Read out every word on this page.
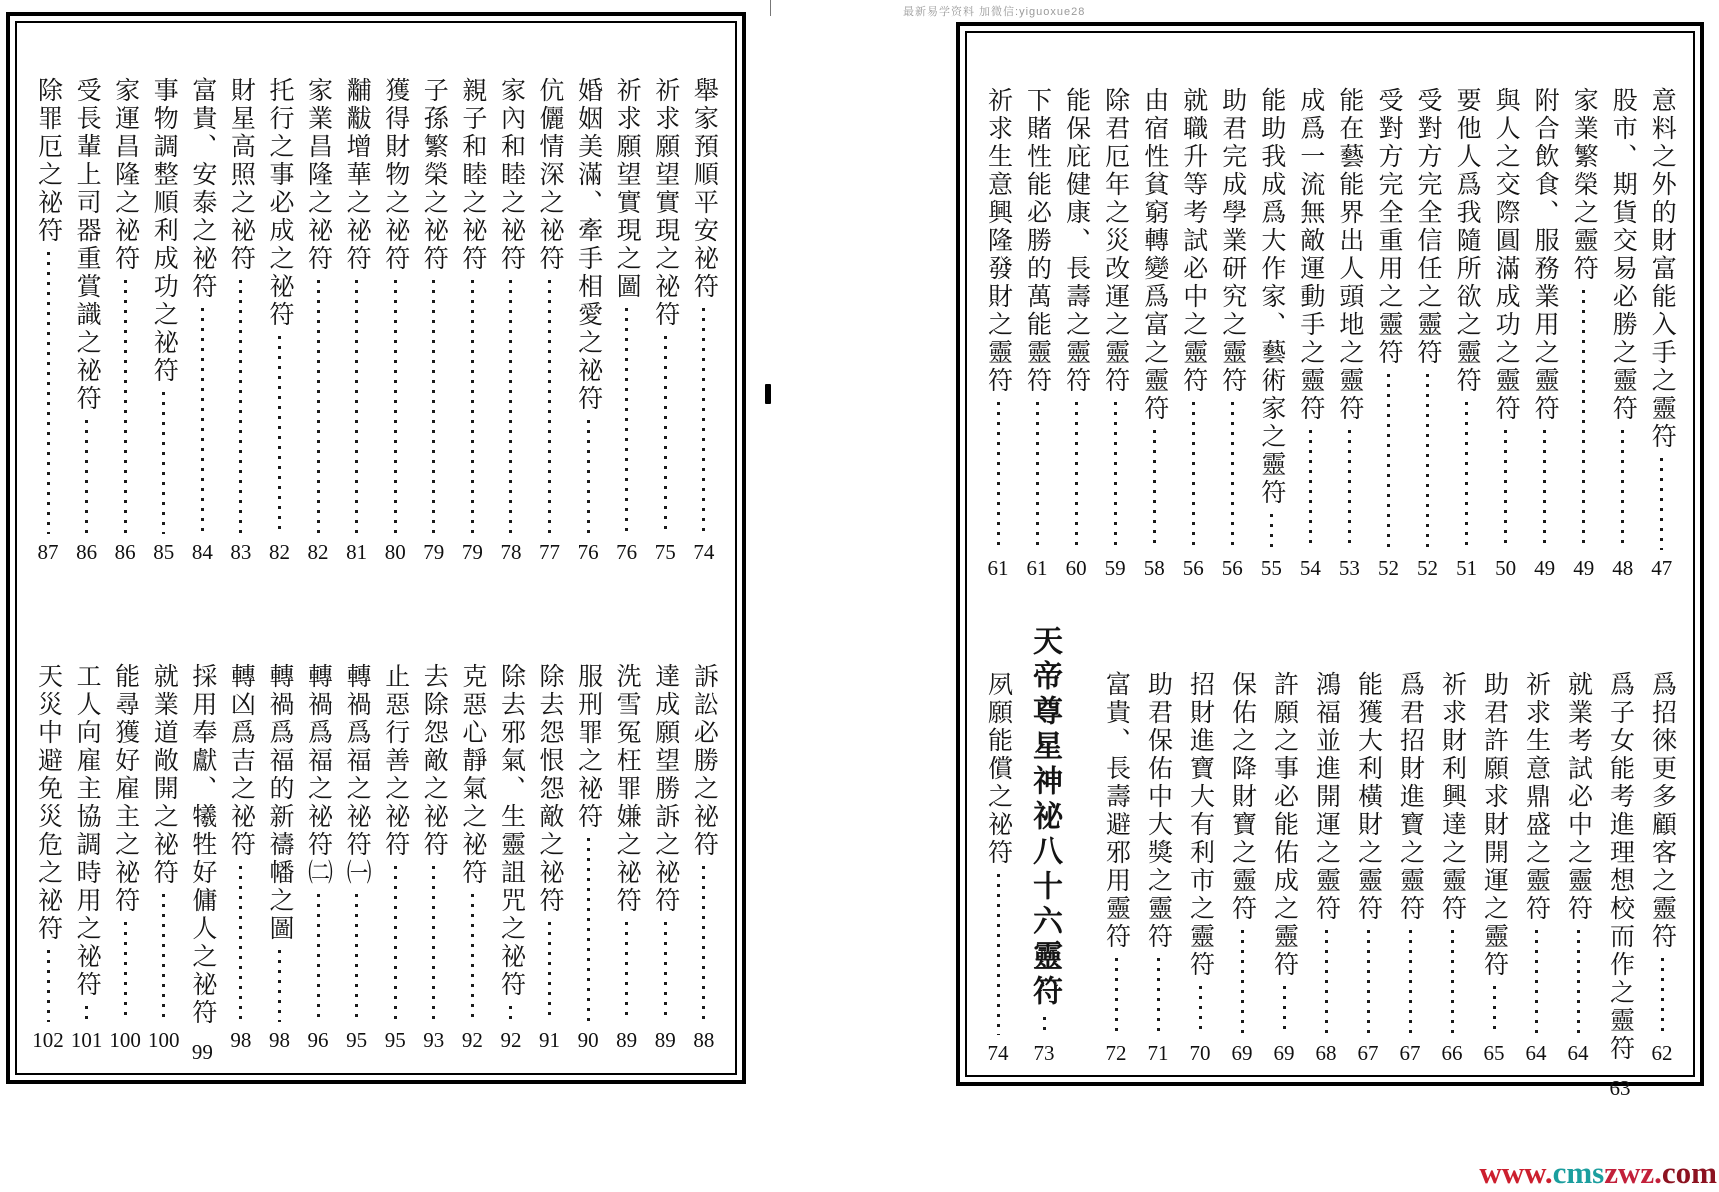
最新易学资料 加微信:yiguoxue28
舉家預順平安祕符
74
祈求願望實現之祕符
75
祈求願望實現之圖
76
婚姻美滿、牽手相愛之祕符
76
伉儷情深之祕符
77
家內和睦之祕符
78
親子和睦之祕符
79
子孫繁榮之祕符
79
獲得財物之祕符
80
黼黻增華之祕符
81
家業昌隆之祕符
82
托行之事必成之祕符
82
財星高照之祕符
83
富貴、安泰之祕符
84
事物調整順利成功之祕符
85
家運昌隆之祕符
86
受長輩上司器重賞識之祕符
86
除罪厄之祕符
87
訴訟必勝之祕符
88
達成願望勝訴之祕符
89
洗雪冤枉罪嫌之祕符
89
服刑罪之祕符
90
除去怨恨怨敵之祕符
91
除去邪氣、生靈詛咒之祕符
92
克惡心靜氣之祕符
92
去除怨敵之祕符
93
止惡行善之祕符
95
轉禍爲福之祕符㈠
95
轉禍爲福之祕符㈡
96
轉禍爲福的新禱幡之圖
98
轉凶爲吉之祕符
98
採用奉獻、犧牲好傭人之祕符
99
就業道敞開之祕符
100
能尋獲好雇主之祕符
100
工人向雇主協調時用之祕符
101
天災中避免災危之祕符
102
意料之外的財富能入手之靈符
47
股市、期貨交易必勝之靈符
48
家業繁榮之靈符
49
附合飲食、服務業用之靈符
49
與人之交際圓滿成功之靈符
50
要他人爲我隨所欲之靈符
51
受對方完全信任之靈符
52
受對方完全重用之靈符
52
能在藝能界出人頭地之靈符
53
成爲一流無敵運動手之靈符
54
能助我成爲大作家、藝術家之靈符
55
助君完成學業研究之靈符
56
就職升等考試必中之靈符
56
由宿性貧窮轉變爲富之靈符
58
除君厄年之災改運之靈符
59
能保庇健康、長壽之靈符
60
下賭性能必勝的萬能靈符
61
祈求生意興隆發財之靈符
61
爲招徠更多顧客之靈符
62
爲子女能考進理想校而作之靈符
63
就業考試必中之靈符
64
祈求生意鼎盛之靈符
64
助君許願求財開運之靈符
65
祈求財利興達之靈符
66
爲君招財進寶之靈符
67
能獲大利橫財之靈符
67
鴻福並進開運之靈符
68
許願之事必能佑成之靈符
69
保佑之降財寶之靈符
69
招財進寶大有利市之靈符
70
助君保佑中大獎之靈符
71
富貴、長壽避邪用靈符
72
天帝尊星神祕八十六靈符
73
夙願能償之祕符
74
www.cmszwz.com
